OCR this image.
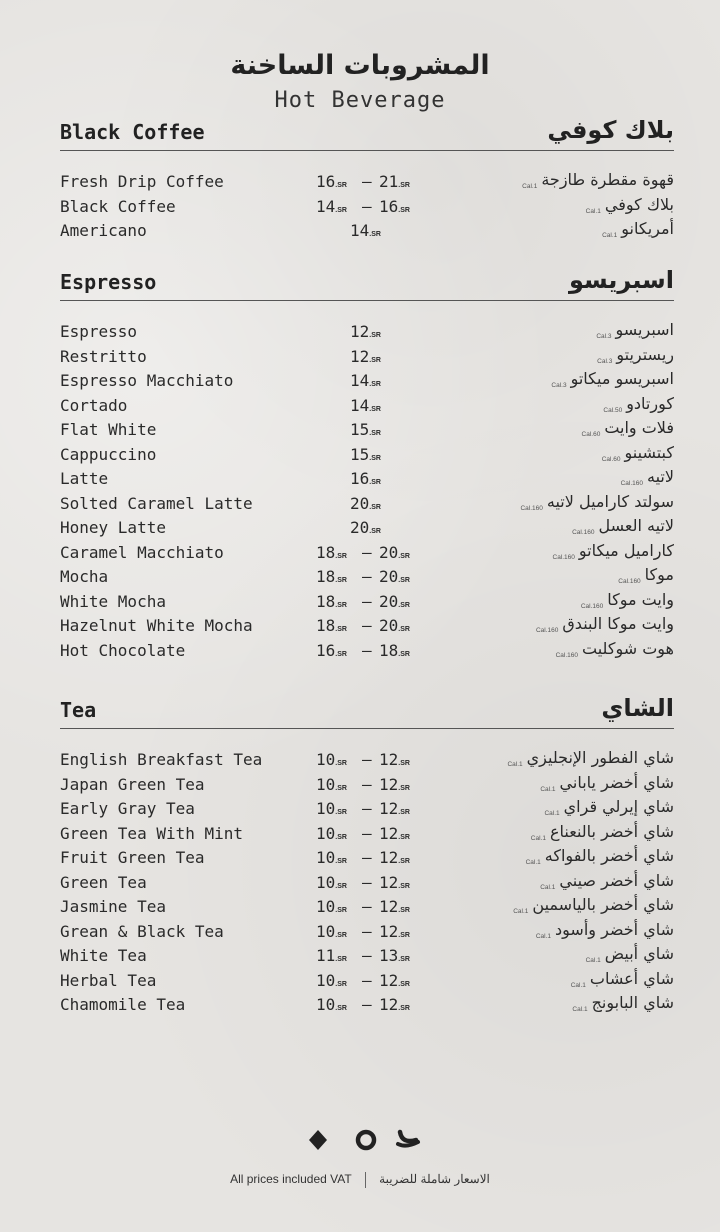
المشروبات الساخنة
Hot Beverage
Black Coffee	بلاك كوفي
Fresh Drip Coffee	16.SR – 21.SR	قهوة مقطرة طازجةCal.1
Black Coffee	14.SR – 16.SR	بلاك كوفيCal.1
Americano	14.SR	أمريكانوCal.1
Espresso	اسبريسو
Espresso	12.SR	اسبريسوCal.3
Restritto	12.SR	ريستريتوCal.3
Espresso Macchiato	14.SR	اسبريسو ميكاتوCal.3
Cortado	14.SR	كورتادوCal.50
Flat White	15.SR	فلات وايتCal.60
Cappuccino	15.SR	كبتشينوCal.60
Latte	16.SR	لاتيهCal.160
Solted Caramel Latte	20.SR	سولتد كاراميل لاتيهCal.160
Honey Latte	20.SR	لاتيه العسلCal.160
Caramel Macchiato	18.SR – 20.SR	كاراميل ميكاتوCal.160
Mocha	18.SR – 20.SR	موكاCal.160
White Mocha	18.SR – 20.SR	وايت موكاCal.160
Hazelnut White Mocha	18.SR – 20.SR	وايت موكا البندقCal.160
Hot Chocolate	16.SR – 18.SR	هوت شوكليتCal.160
Tea	الشاي
English Breakfast Tea	10.SR – 12.SR	شاي الفطور الإنجليزيCal.1
Japan Green Tea	10.SR – 12.SR	شاي أخضر يابانيCal.1
Early Gray Tea	10.SR – 12.SR	شاي إيرلي قرايCal.1
Green Tea With Mint	10.SR – 12.SR	شاي أخضر بالنعناعCal.1
Fruit Green Tea	10.SR – 12.SR	شاي أخضر بالفواكهCal.1
Green Tea	10.SR – 12.SR	شاي أخضر صينيCal.1
Jasmine Tea	10.SR – 12.SR	شاي أخضر بالياسمينCal.1
Grean & Black Tea	10.SR – 12.SR	شاي أخضر وأسودCal.1
White Tea	11.SR – 13.SR	شاي أبيضCal.1
Herbal Tea	10.SR – 12.SR	شاي أعشابCal.1
Chamomile Tea	10.SR – 12.SR	شاي البابونجCal.1
All prices included VAT الاسعار شاملة للضريبة
